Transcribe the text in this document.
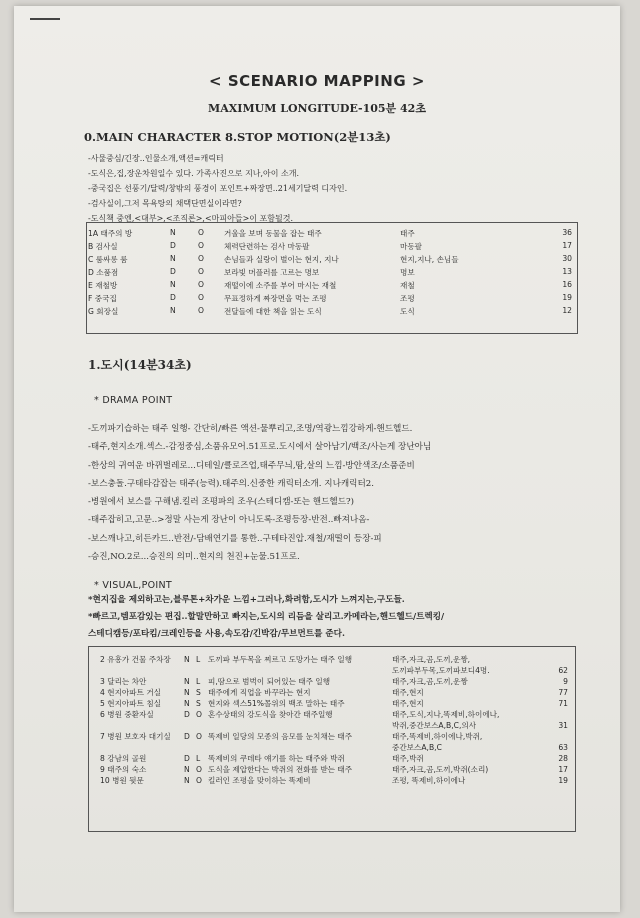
< SCENARIO MAPPING >
MAXIMUM LONGITUDE-105분 42초
0.MAIN CHARACTER 8.STOP MOTION(2분13초)
-사물중심/긴장..인물소개,액션=캐릭터
-도식은,집,장운차원일수 있다. 가족사진으로 지나,아이 소개.
-중국집은 선풍기/달력/창밖의 풍경이 포인트+짜장면..21세기달력 디자인.
-검사실이,그저 목욕탕의 채택단면실이라면?
-도식책 중엔,<대부>,<조직론>,<마피아들>이 포함될것.
1A 태주의 방	N	O	거울을 보며 동물을 잡는 태주	태주	36
B 검사실	D	O	체력단련하는 검사 마동팔	마동팔	17
C 룸싸롱 룸	N	O	손님들과 실랑이 벌이는 현지, 지나	현지,지나, 손님들	30
D 소품점	D	O	보라빛 머플러를 고르는 명보	명보	13
E 재철방	N	O	재떨이에 소주를 부어 마시는 재철	재철	16
F 중국집	D	O	무표정하게 짜장면을 먹는 조평	조평	19
G 회장실	N	O	전달들에 대한 책을 읽는 도식	도식	12
1.도시(14분34초)
* DRAMA POINT
-도끼파기습하는 태주 일행- 간단히/빠른 액션-물뿌리고,조명/역광느낌강하게-핸드헬드.
-태주,현지소개.섹스.-감정중심,소품유모어.51프로.도시에서 살아남기/백조/사는게 장난아님
-한상의 귀여운 바뀌벌레로...디테일/클로즈업,태주무늬,땀,살의 느낌-방안색조/소품준비
-보스충돌.구태타감잡는 태주(능력).태주의.신중한 캐릭터소개. 지나캐릭터2.
-병원에서 보스를 구해냄.킬러 조평파의 조우(스테디캠-또는 핸드헬드?)
-태주잡히고,고문..>정말 사는게 장난이 아니도록-조평등장-반전..빠져나옴-
-보스깨나고,히든카드..반전/-담배연기를 통한..구테타진압.재철/재떨이 등장-피
-승진,NO.2로...승진의 의미..현지의 천진+눈물.51프로.
* VISUAL,POINT
*현지집을 제외하고는,블루톤+차가운 느낌+그러나,화려함,도시가 느껴지는,구도들.
*빠르고,템포감있는 편집..할말만하고 빠지는,도시의 리듬을 살리고.카메라는,핸드헬드/트렉킹/
스테디캠등/포타킴/크레인등을 사용,속도감/긴박감/무브먼트를 준다.
2 유흥가 건물 주차장	N	L	도끼파 부두목을 찌르고 도망가는 태주 일행	태주,자크,곰,도끼,운짱,	
				도끼파부두목,도끼파보디4명.	62

3 달리는 차안	N	L	피,땀으로 범벅이 되어있는 태주 일행	태주,자크,곰,도끼,운짱	9
4 현지아파트 거실	N	S	태주에게 직업을 바꾸라는 현지	태주,현지	77
5 현지아파트 침실	N	S	현지와 섹스51%몰위의 백조 말하는 태주	태주,현지	71
6 병원 중환자실	D	O	혼수상태의 강도식을 찾아간 태주일행	태주,도식,지나,똑제비,하이에나,	
				박쥐,중간보스A,B,C,의사	31
7 병원 보호자 대기실	D	O	똑제비 일당의 모종의 음모를 눈치채는 태주	태주,똑제비,하이에나,박쥐,	
				중간보스A,B,C	63
8 강남의 골원	D	L	똑제비의 쿠데타 얘기를 하는 태주와 박쥐	태주,박쥐	28
9 태주의 숙소	N	O	도식을 제압한다는 박쥐의 전화를 받는 태주	태주,자크,곰,도끼,박쥐(소리)	17
10 병원 뒷문	N	O	킬러인 조평을 맞이하는 똑제비	조평, 똑제비,하이에나	19
